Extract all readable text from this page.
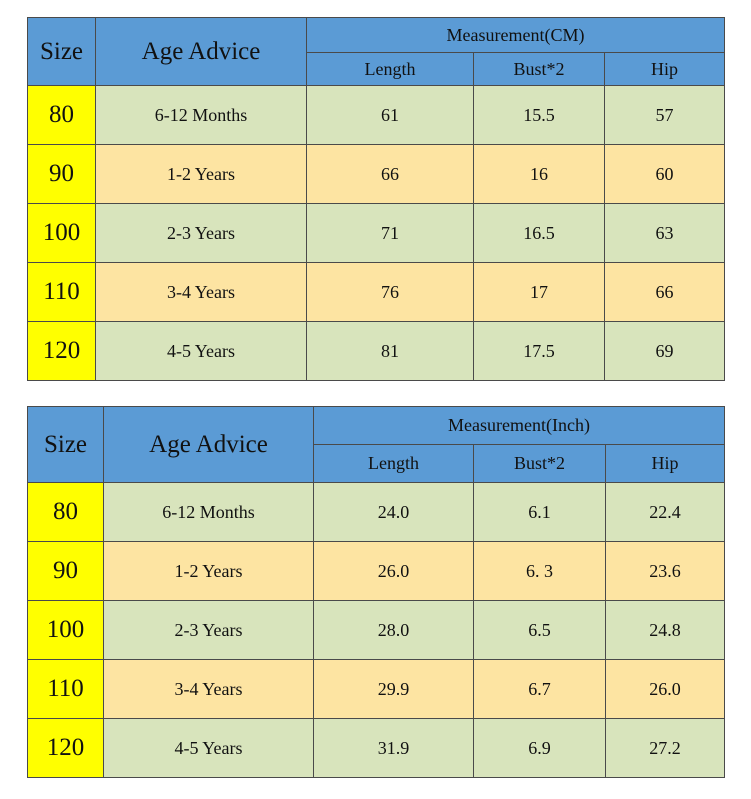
Size	Age Advice	Measurement(CM)		
		Length	Bust*2	Hip
80	6-12 Months	61	15.5	57
90	1-2 Years	66	16	60
100	2-3 Years	71	16.5	63
110	3-4 Years	76	17	66
120	4-5 Years	81	17.5	69
Size	Age Advice	Measurement(Inch)		
		Length	Bust*2	Hip
80	6-12 Months	24.0	6.1	22.4
90	1-2 Years	26.0	6. 3	23.6
100	2-3 Years	28.0	6.5	24.8
110	3-4 Years	29.9	6.7	26.0
120	4-5 Years	31.9	6.9	27.2
